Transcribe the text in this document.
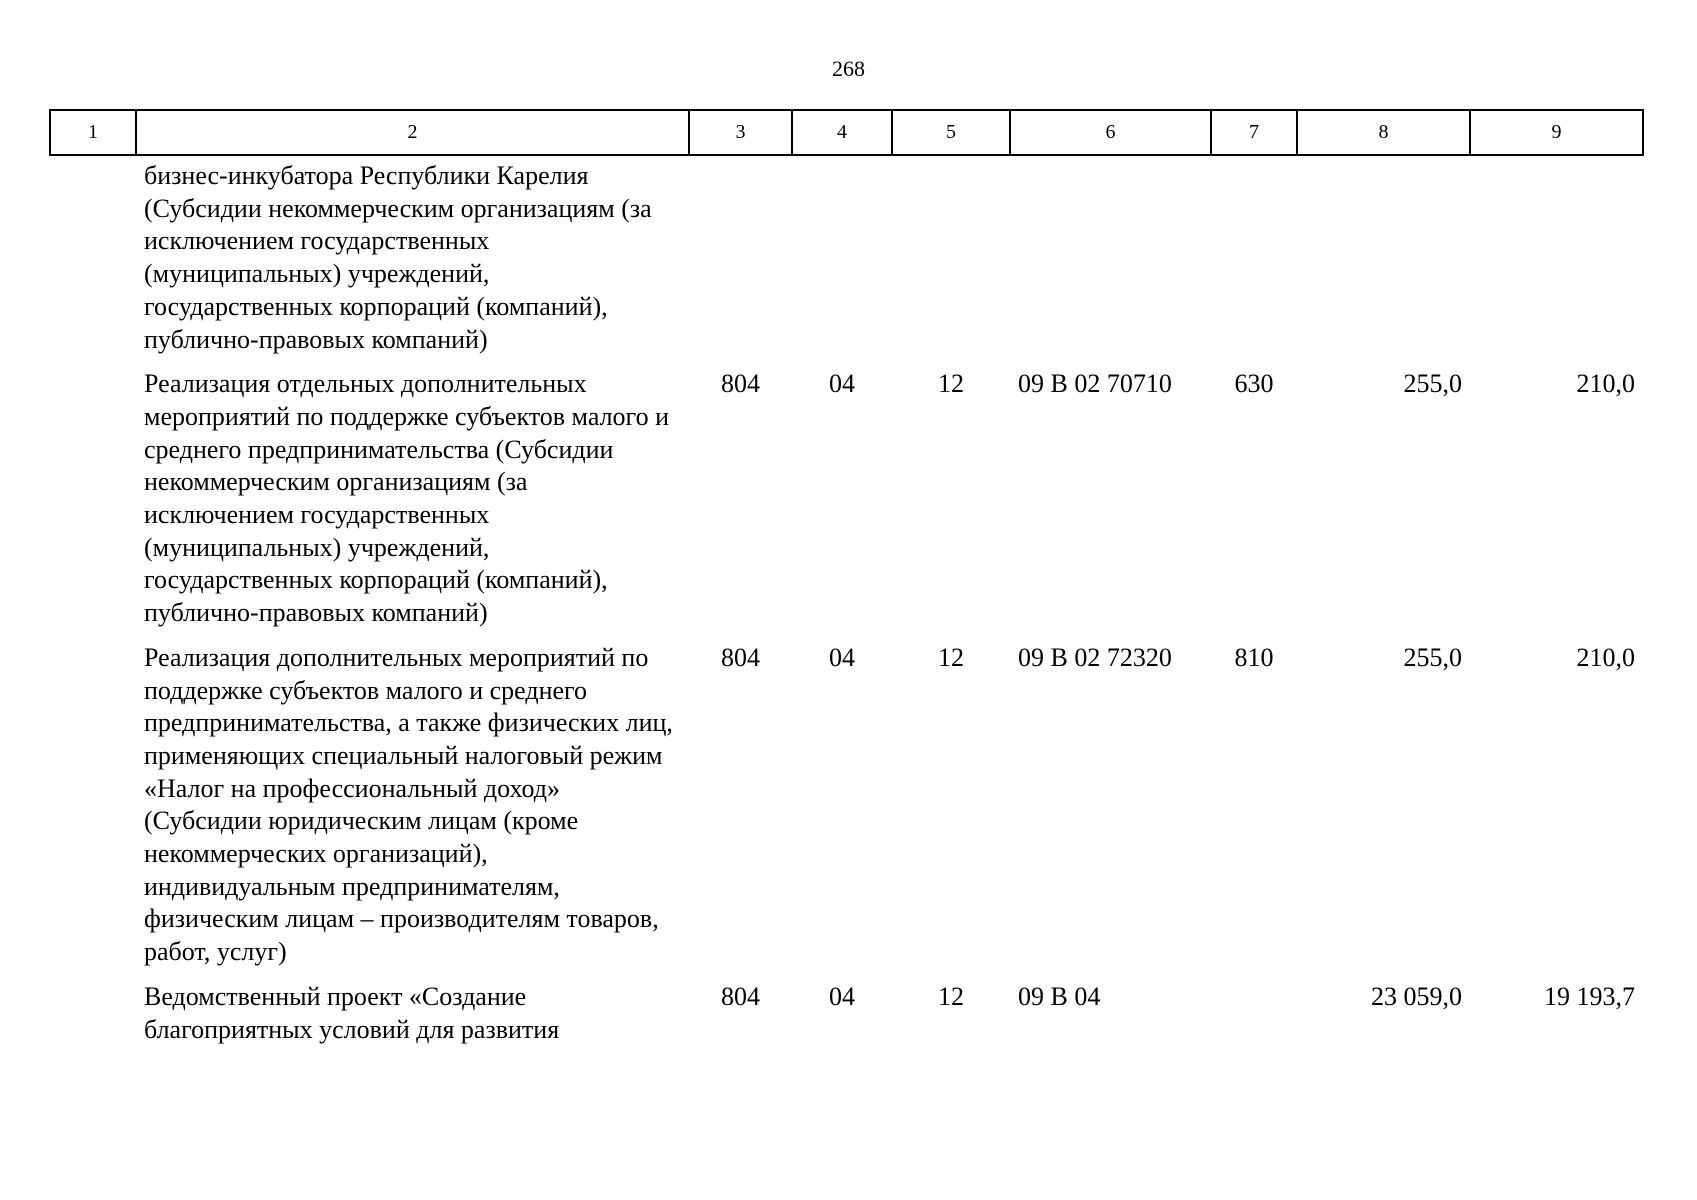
268
1	2	3	4	5	6	7	8	9
	бизнес-инкубатора Республики Карелия (Субсидии некоммерческим организациям (за исключением государственных (муниципальных) учреждений, государственных корпораций (компаний), публично-правовых компаний)							
	Реализация отдельных дополнительных мероприятий по поддержке субъектов малого и среднего предпринимательства (Субсидии некоммерческим организациям (за исключением государственных (муниципальных) учреждений, государственных корпораций (компаний), публично-правовых компаний)	804	04	12	09 В 02 70710	630	255,0	210,0
	Реализация дополнительных мероприятий по поддержке субъектов малого и среднего предпринимательства, а также физических лиц, применяющих специальный налоговый режим «Налог на профессиональный доход» (Субсидии юридическим лицам (кроме некоммерческих организаций), индивидуальным предпринимателям, физическим лицам – производителям товаров, работ, услуг)	804	04	12	09 В 02 72320	810	255,0	210,0
	Ведомственный проект «Создание благоприятных условий для развития	804	04	12	09 В 04		23 059,0	19 193,7
